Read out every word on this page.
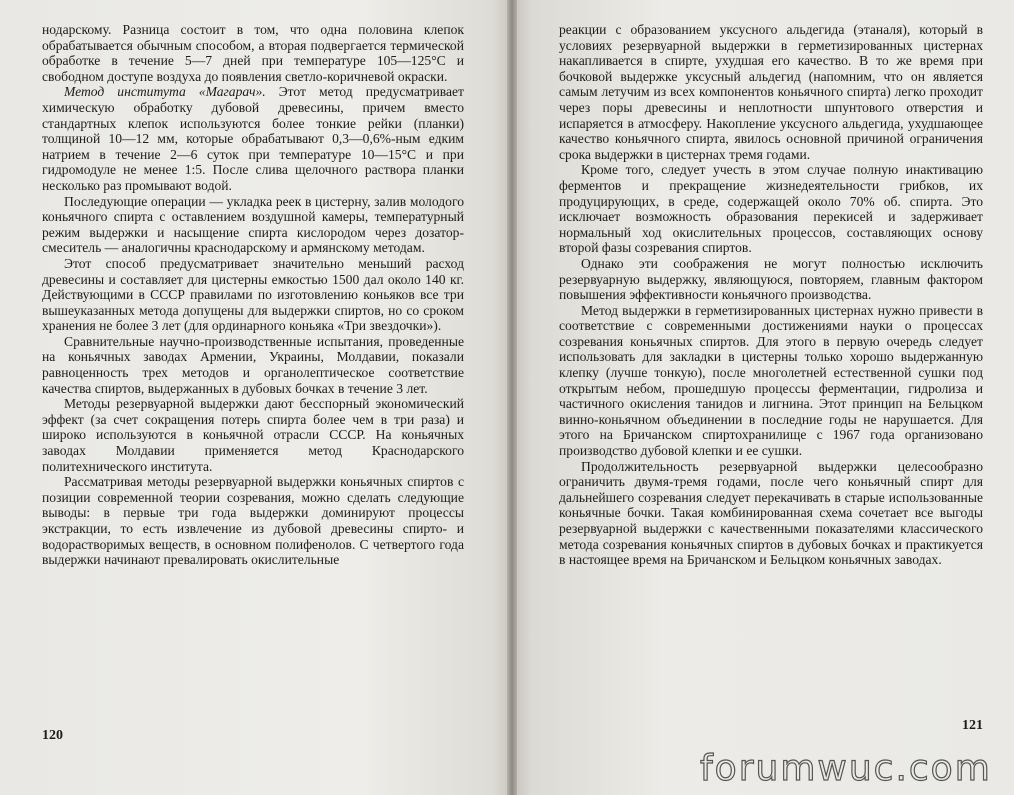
нодарскому. Разница состоит в том, что одна половина клепок обрабатывается обычным способом, а вторая подвергается термической обработке в течение 5—7 дней при температуре 105—125°С и свободном доступе воздуха до появления светло-коричневой окраски.

Метод института «Магарач». Этот метод предусматривает химическую обработку дубовой древесины, причем вместо стандартных клепок используются более тонкие рейки (планки) толщиной 10—12 мм, которые обрабатывают 0,3—0,6%-ным едким натрием в течение 2—6 суток при температуре 10—15°С и при гидромодуле не менее 1:5. После слива щелочного раствора планки несколько раз промывают водой.

Последующие операции — укладка реек в цистерну, залив молодого коньячного спирта с оставлением воздушной камеры, температурный режим выдержки и насыщение спирта кислородом через дозатор-смеситель — аналогичны краснодарскому и армянскому методам.

Этот способ предусматривает значительно меньший расход древесины и составляет для цистерны емкостью 1500 дал около 140 кг. Действующими в СССР правилами по изготовлению коньяков все три вышеуказанных метода допущены для выдержки спиртов, но со сроком хранения не более 3 лет (для ординарного коньяка «Три звездочки»).

Сравнительные научно-производственные испытания, проведенные на коньячных заводах Армении, Украины, Молдавии, показали равноценность трех методов и органолептическое соответствие качества спиртов, выдержанных в дубовых бочках в течение 3 лет.

Методы резервуарной выдержки дают бесспорный экономический эффект (за счет сокращения потерь спирта более чем в три раза) и широко используются в коньячной отрасли СССР. На коньячных заводах Молдавии применяется метод Краснодарского политехнического института.

Рассматривая методы резервуарной выдержки коньячных спиртов с позиции современной теории созревания, можно сделать следующие выводы: в первые три года выдержки доминируют процессы экстракции, то есть извлечение из дубовой древесины спирто- и водорастворимых веществ, в основном полифенолов. С четвертого года выдержки начинают превалировать окислительные

120

реакции с образованием уксусного альдегида (этаналя), который в условиях резервуарной выдержки в герметизированных цистернах накапливается в спирте, ухудшая его качество. В то же время при бочковой выдержке уксусный альдегид (напомним, что он является самым летучим из всех компонентов коньячного спирта) легко проходит через поры древесины и неплотности шпунтового отверстия и испаряется в атмосферу. Накопление уксусного альдегида, ухудшающее качество коньячного спирта, явилось основной причиной ограничения срока выдержки в цистернах тремя годами.

Кроме того, следует учесть в этом случае полную инактивацию ферментов и прекращение жизнедеятельности грибков, их продуцирующих, в среде, содержащей около 70% об. спирта. Это исключает возможность образования перекисей и задерживает нормальный ход окислительных процессов, составляющих основу второй фазы созревания спиртов.

Однако эти соображения не могут полностью исключить резервуарную выдержку, являющуюся, повторяем, главным фактором повышения эффективности коньячного производства.

Метод выдержки в герметизированных цистернах нужно привести в соответствие с современными достижениями науки о процессах созревания коньячных спиртов. Для этого в первую очередь следует использовать для закладки в цистерны только хорошо выдержанную клепку (лучше тонкую), после многолетней естественной сушки под открытым небом, прошедшую процессы ферментации, гидролиза и частичного окисления танидов и лигнина. Этот принцип на Бельцком винно-коньячном объединении в последние годы не нарушается. Для этого на Бричанском спиртохранилище с 1967 года организовано производство дубовой клепки и ее сушки.

Продолжительность резервуарной выдержки целесообразно ограничить двумя-тремя годами, после чего коньячный спирт для дальнейшего созревания следует перекачивать в старые использованные коньячные бочки. Такая комбинированная схема сочетает все выгоды резервуарной выдержки с качественными показателями классического метода созревания коньячных спиртов в дубовых бочках и практикуется в настоящее время на Бричанском и Бельцком коньячных заводах.

121
forumwuc.com
